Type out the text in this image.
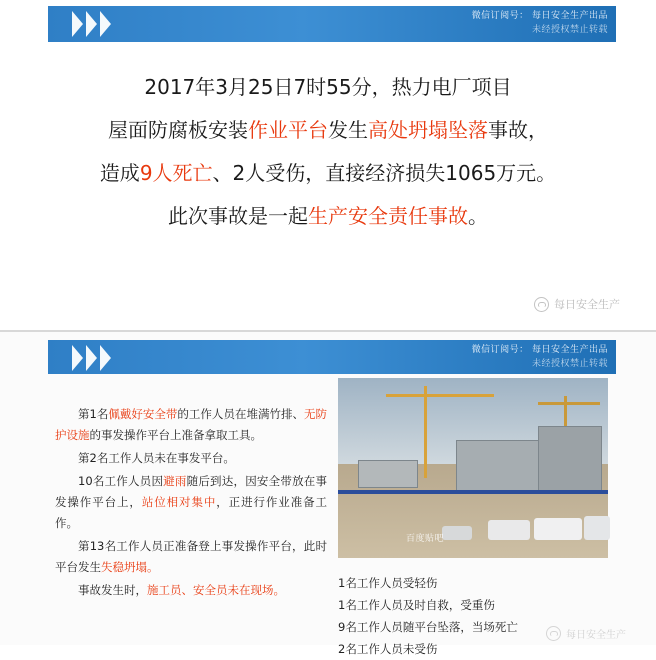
微信订阅号： 每日安全生产出品
未经授权禁止转载
2017年3月25日7时55分，热力电厂项目
屋面防腐板安装作业平台发生高处坍塌坠落事故，
造成9人死亡、2人受伤，直接经济损失1065万元。
此次事故是一起生产安全责任事故。
每日安全生产
微信订阅号： 每日安全生产出品
未经授权禁止转载

第1名佩戴好安全带的工作人员在堆满竹排、无防护设施的事发操作平台上准备拿取工具。

第2名工作人员未在事发平台。

10名工作人员因避雨随后到达，因安全带放在事发操作平台上，站位相对集中，正进行作业准备工作。

第13名工作人员正准备登上事发操作平台，此时平台发生失稳坍塌。

事故发生时，施工员、安全员未在现场。

百度贴吧
1名工作人员受轻伤
1名工作人员及时自救，受重伤
9名工作人员随平台坠落，当场死亡
2名工作人员未受伤
每日安全生产
